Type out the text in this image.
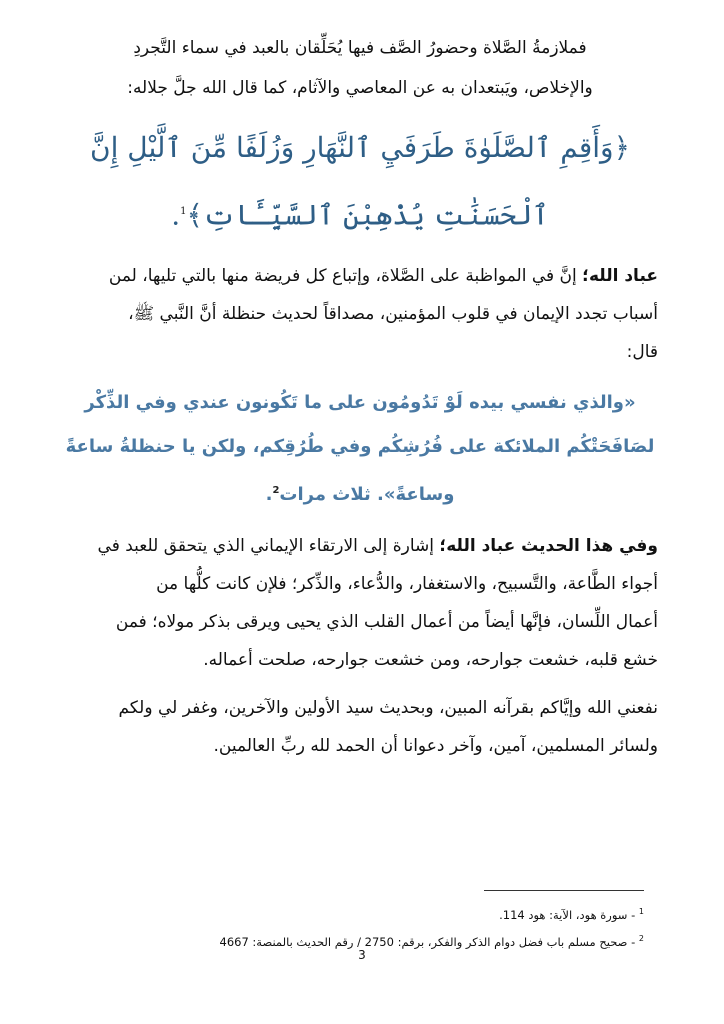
فملازمةُ الصَّلاة وحضورُ الصَّف فيها يُحَلِّقان بالعبد في سماء التَّجردِ
والإخلاص، ويَبتعدان به عن المعاصي والآثام، كما قال الله جلَّ جلاله:
﴿وَأَقِمِ ٱلصَّلَوٰةَ طَرَفَيِ ٱلنَّهَارِ وَزُلَفًا مِّنَ ٱلَّيْلِ إِنَّ
ٱلْحَسَنَٰتِ يُذْهِبْنَ ٱلسَّيِّـَٔاتِ﴾$^1$.
عباد الله؛ إنَّ في المواظبة على الصَّلاة، وإتباع كل فريضة منها بالتي تليها، لمن
أسباب تجدد الإيمان في قلوب المؤمنين، مصداقاً لحديث حنظلة أنَّ النَّبي ﷺ،
قال:
«والذي نفسي بيده لَوْ تَدُومُون على ما تَكُونون عندي وفي الذِّكْر
لصَافَحَتْكُم الملائكة على فُرُشِكُم وفي طُرُقِكم، ولكن يا حنظلةُ ساعةً
وساعةً». ثلاث مرات$^2$.
وفي هذا الحديث عباد الله؛ إشارة إلى الارتقاء الإيماني الذي يتحقق للعبد في
أجواء الطَّاعة، والتَّسبيح، والاستغفار، والدُّعاء، والذِّكر؛ فلإن كانت كلُّها من
أعمال اللِّسان، فإنَّها أيضاً من أعمال القلب الذي يحيى ويرقى بذكر مولاه؛ فمن
خشع قلبه، خشعت جوارحه، ومن خشعت جوارحه، صلحت أعماله.
نفعني الله وإيَّاكم بقرآنه المبين، وبحديث سيد الأولين والآخرين، وغفر لي ولكم
ولسائر المسلمين، آمين، وآخر دعوانا أن الحمد لله ربِّ العالمين.
$^1$ - سورة هود، الآية: هود 114.
$^2$ - صحيح مسلم باب فضل دوام الذكر والفكر، برقم: 2750 / رقم الحديث بالمنصة: 4667
3
